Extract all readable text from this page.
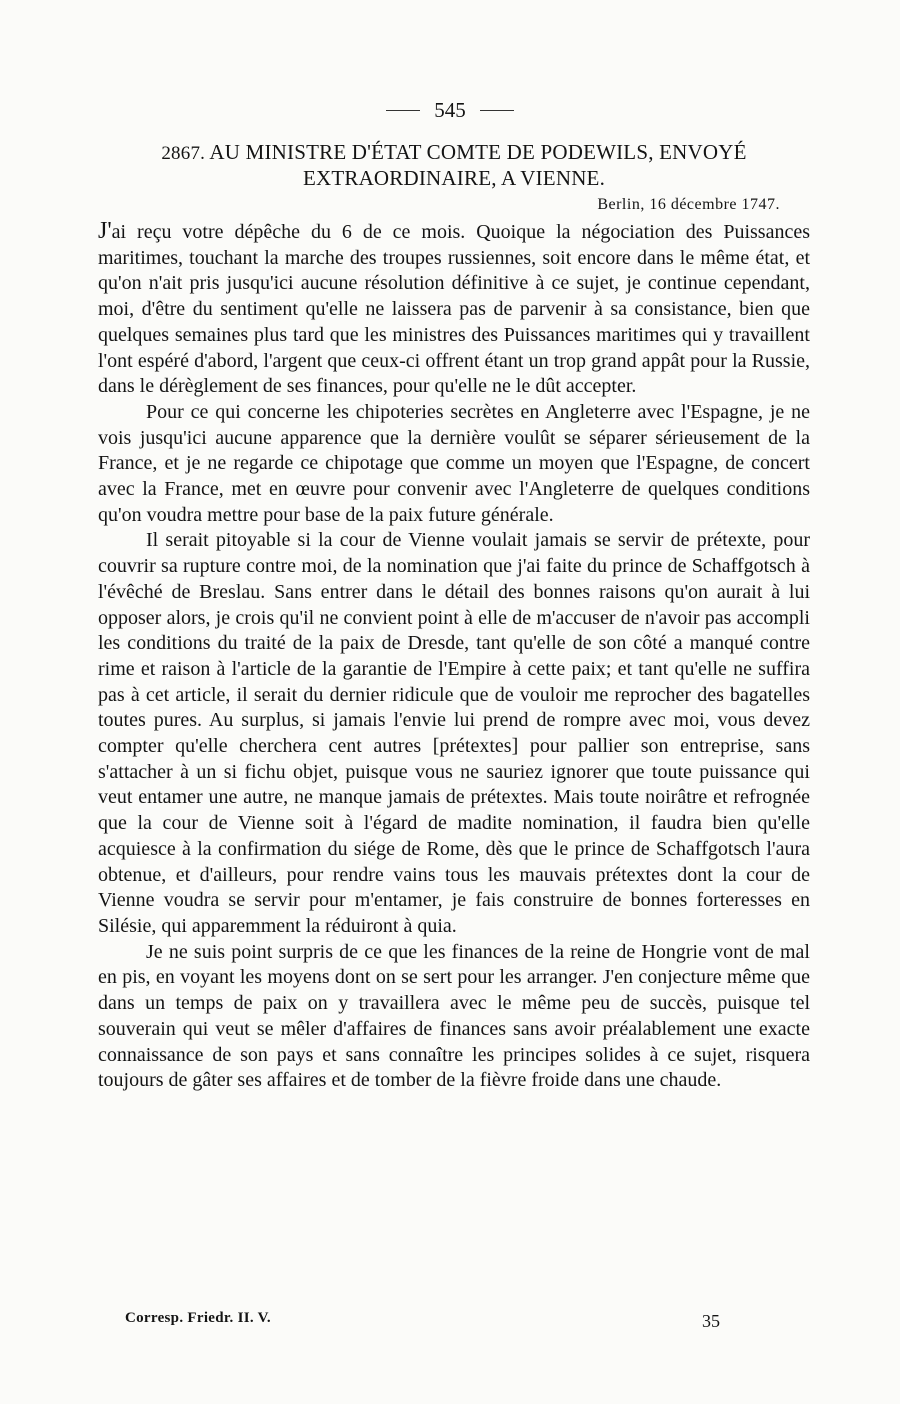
545
2867. AU MINISTRE D'ÉTAT COMTE DE PODEWILS, ENVOYÉ EXTRAORDINAIRE, A VIENNE.
Berlin, 16 décembre 1747.

J'ai reçu votre dépêche du 6 de ce mois. Quoique la négociation des Puissances maritimes, touchant la marche des troupes russiennes, soit encore dans le même état, et qu'on n'ait pris jusqu'ici aucune résolution définitive à ce sujet, je continue cependant, moi, d'être du sentiment qu'elle ne laissera pas de parvenir à sa consistance, bien que quelques semaines plus tard que les ministres des Puissances maritimes qui y travaillent l'ont espéré d'abord, l'argent que ceux-ci offrent étant un trop grand appât pour la Russie, dans le dérèglement de ses finances, pour qu'elle ne le dût accepter.

Pour ce qui concerne les chipoteries secrètes en Angleterre avec l'Espagne, je ne vois jusqu'ici aucune apparence que la dernière voulût se séparer sérieusement de la France, et je ne regarde ce chipotage que comme un moyen que l'Espagne, de concert avec la France, met en œuvre pour convenir avec l'Angleterre de quelques conditions qu'on voudra mettre pour base de la paix future générale.

Il serait pitoyable si la cour de Vienne voulait jamais se servir de prétexte, pour couvrir sa rupture contre moi, de la nomination que j'ai faite du prince de Schaffgotsch à l'évêché de Breslau. Sans entrer dans le détail des bonnes raisons qu'on aurait à lui opposer alors, je crois qu'il ne convient point à elle de m'accuser de n'avoir pas accompli les conditions du traité de la paix de Dresde, tant qu'elle de son côté a manqué contre rime et raison à l'article de la garantie de l'Empire à cette paix; et tant qu'elle ne suffira pas à cet article, il serait du dernier ridicule que de vouloir me reprocher des bagatelles toutes pures. Au surplus, si jamais l'envie lui prend de rompre avec moi, vous devez compter qu'elle cherchera cent autres [prétextes] pour pallier son entreprise, sans s'attacher à un si fichu objet, puisque vous ne sauriez ignorer que toute puissance qui veut entamer une autre, ne manque jamais de prétextes. Mais toute noirâtre et refrognée que la cour de Vienne soit à l'égard de madite nomination, il faudra bien qu'elle acquiesce à la confirmation du siége de Rome, dès que le prince de Schaffgotsch l'aura obtenue, et d'ailleurs, pour rendre vains tous les mauvais prétextes dont la cour de Vienne voudra se servir pour m'entamer, je fais construire de bonnes forteresses en Silésie, qui apparemment la réduiront à quia.

Je ne suis point surpris de ce que les finances de la reine de Hongrie vont de mal en pis, en voyant les moyens dont on se sert pour les arranger. J'en conjecture même que dans un temps de paix on y travaillera avec le même peu de succès, puisque tel souverain qui veut se mêler d'affaires de finances sans avoir préalablement une exacte connaissance de son pays et sans connaître les principes solides à ce sujet, risquera toujours de gâter ses affaires et de tomber de la fièvre froide dans une chaude.

Corresp. Friedr. II. V.	35
